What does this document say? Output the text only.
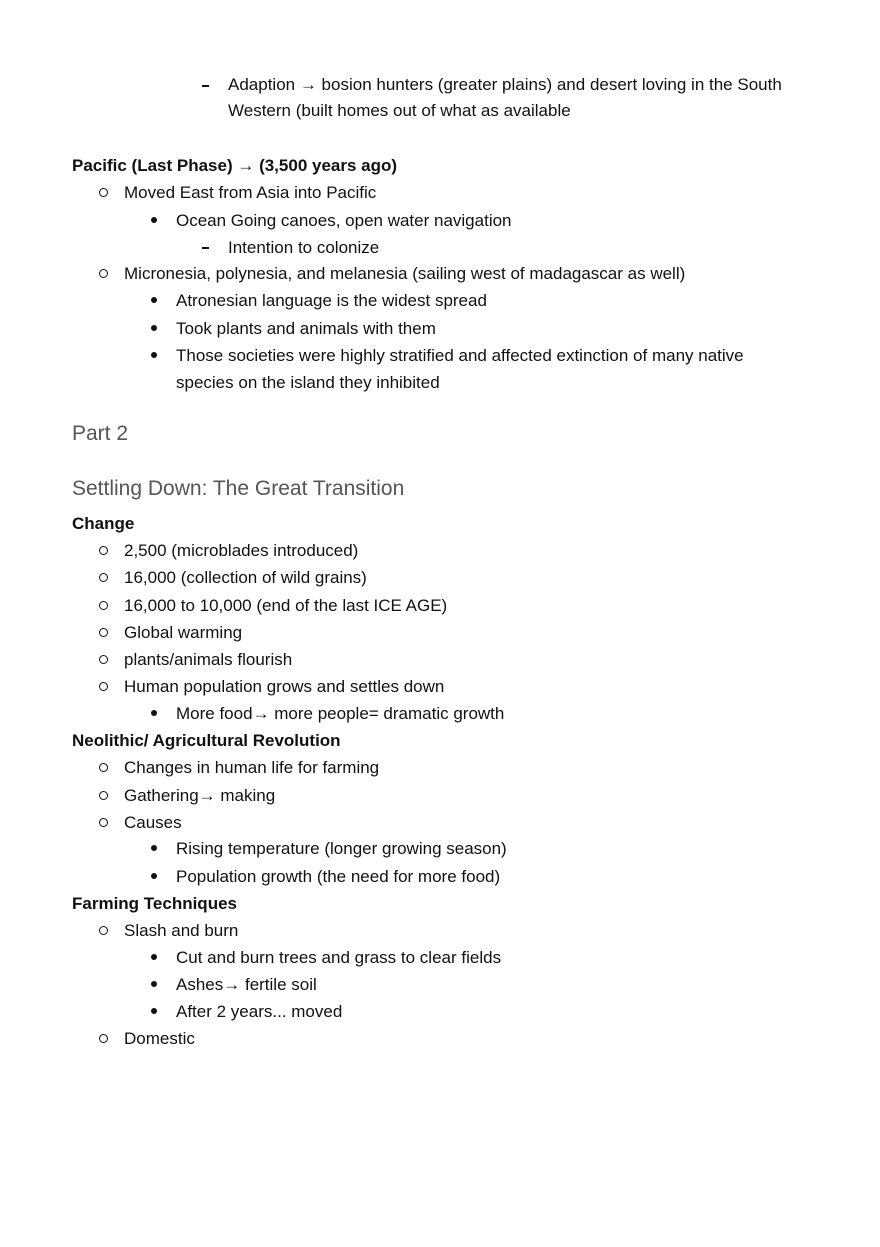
Adaption → bosion hunters (greater plains) and desert loving in the South
Western (built homes out of what as available
Pacific (Last Phase) → (3,500 years ago)
Moved East from Asia into Pacific
Ocean Going canoes, open water navigation
Intention to colonize
Micronesia, polynesia, and melanesia (sailing west of madagascar as well)
Atronesian language is the widest spread
Took plants and animals with them
Those societies were highly stratified and affected extinction of many native
species on the island they inhibited
Part 2
Settling Down: The Great Transition
Change
2,500 (microblades introduced)
16,000 (collection of wild grains)
16,000 to 10,000 (end of the last ICE AGE)
Global warming
plants/animals flourish
Human population grows and settles down
More food→ more people= dramatic growth
Neolithic/ Agricultural Revolution
Changes in human life for farming
Gathering→ making
Causes
Rising temperature (longer growing season)
Population growth (the need for more food)
Farming Techniques
Slash and burn
Cut and burn trees and grass to clear fields
Ashes→ fertile soil
After 2 years... moved
Domestic
